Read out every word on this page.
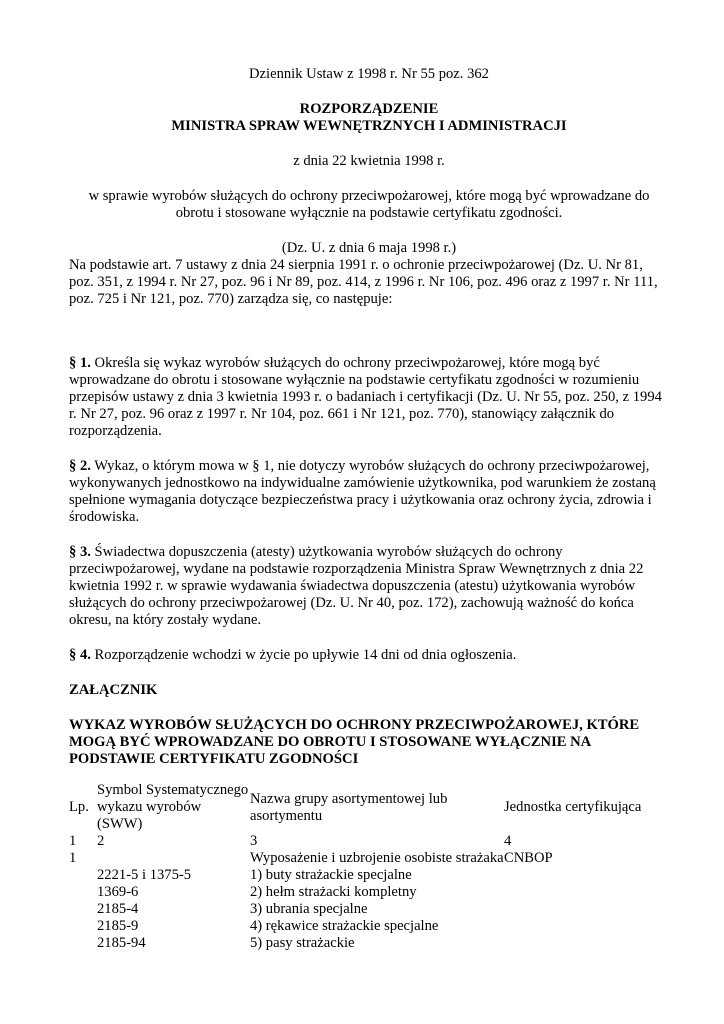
Dziennik Ustaw z 1998 r. Nr 55 poz. 362

ROZPORZĄDZENIE
MINISTRA SPRAW WEWNĘTRZNYCH I ADMINISTRACJI

z dnia 22 kwietnia 1998 r.

w sprawie wyrobów służących do ochrony przeciwpożarowej, które mogą być wprowadzane do obrotu i stosowane wyłącznie na podstawie certyfikatu zgodności.

(Dz. U. z dnia 6 maja 1998 r.)

Na podstawie art. 7 ustawy z dnia 24 sierpnia 1991 r. o ochronie przeciwpożarowej (Dz. U. Nr 81, poz. 351, z 1994 r. Nr 27, poz. 96 i Nr 89, poz. 414, z 1996 r. Nr 106, poz. 496 oraz z 1997 r. Nr 111, poz. 725 i Nr 121, poz. 770) zarządza się, co następuje:

§ 1. Określa się wykaz wyrobów służących do ochrony przeciwpożarowej, które mogą być wprowadzane do obrotu i stosowane wyłącznie na podstawie certyfikatu zgodności w rozumieniu przepisów ustawy z dnia 3 kwietnia 1993 r. o badaniach i certyfikacji (Dz. U. Nr 55, poz. 250, z 1994 r. Nr 27, poz. 96 oraz z 1997 r. Nr 104, poz. 661 i Nr 121, poz. 770), stanowiący załącznik do rozporządzenia.

§ 2. Wykaz, o którym mowa w § 1, nie dotyczy wyrobów służących do ochrony przeciwpożarowej, wykonywanych jednostkowo na indywidualne zamówienie użytkownika, pod warunkiem że zostaną spełnione wymagania dotyczące bezpieczeństwa pracy i użytkowania oraz ochrony życia, zdrowia i środowiska.

§ 3. Świadectwa dopuszczenia (atesty) użytkowania wyrobów służących do ochrony przeciwpożarowej, wydane na podstawie rozporządzenia Ministra Spraw Wewnętrznych z dnia 22 kwietnia 1992 r. w sprawie wydawania świadectwa dopuszczenia (atestu) użytkowania wyrobów służących do ochrony przeciwpożarowej (Dz. U. Nr 40, poz. 172), zachowują ważność do końca okresu, na który zostały wydane.

§ 4. Rozporządzenie wchodzi w życie po upływie 14 dni od dnia ogłoszenia.

ZAŁĄCZNIK

WYKAZ WYROBÓW SŁUŻĄCYCH DO OCHRONY PRZECIWPOŻAROWEJ, KTÓRE MOGĄ BYĆ WPROWADZANE DO OBROTU I STOSOWANE WYŁĄCZNIE NA PODSTAWIE CERTYFIKATU ZGODNOŚCI

Lp.	Symbol Systematycznego wykazu wyrobów (SWW)	Nazwa grupy asortymentowej lub asortymentu	Jednostka certyfikująca
1	2	3	4
1		Wyposażenie i uzbrojenie osobiste strażaka	CNBOP
	2221-5 i 1375-5	1) buty strażackie specjalne	
	1369-6	2) hełm strażacki kompletny	
	2185-4	3) ubrania specjalne	
	2185-9	4) rękawice strażackie specjalne	
	2185-94	5) pasy strażackie	
